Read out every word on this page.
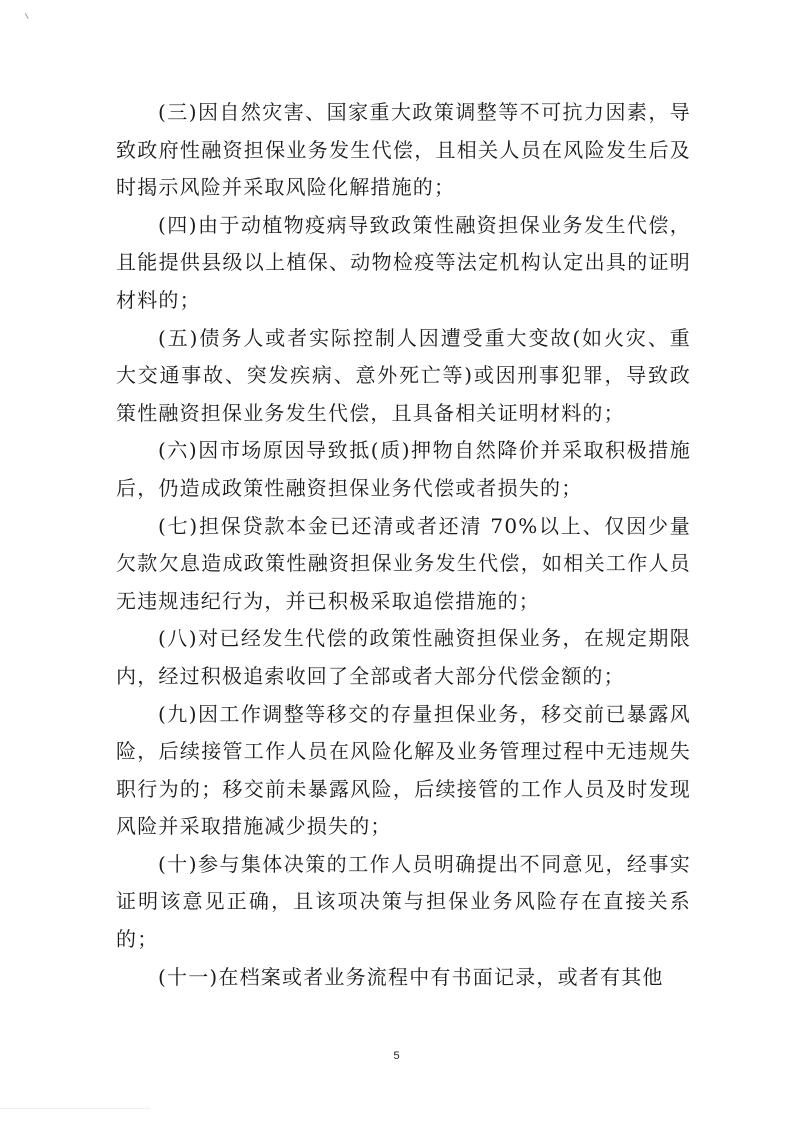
(三)因自然灾害、国家重大政策调整等不可抗力因素，导致政府性融资担保业务发生代偿，且相关人员在风险发生后及时揭示风险并采取风险化解措施的；

(四)由于动植物疫病导致政策性融资担保业务发生代偿，且能提供县级以上植保、动物检疫等法定机构认定出具的证明材料的；

(五)债务人或者实际控制人因遭受重大变故(如火灾、重大交通事故、突发疾病、意外死亡等)或因刑事犯罪，导致政策性融资担保业务发生代偿，且具备相关证明材料的；

(六)因市场原因导致抵(质)押物自然降价并采取积极措施后，仍造成政策性融资担保业务代偿或者损失的；

(七)担保贷款本金已还清或者还清 70%以上、仅因少量欠款欠息造成政策性融资担保业务发生代偿，如相关工作人员无违规违纪行为，并已积极采取追偿措施的；

(八)对已经发生代偿的政策性融资担保业务，在规定期限内，经过积极追索收回了全部或者大部分代偿金额的；

(九)因工作调整等移交的存量担保业务，移交前已暴露风险，后续接管工作人员在风险化解及业务管理过程中无违规失职行为的；移交前未暴露风险，后续接管的工作人员及时发现风险并采取措施减少损失的；

(十)参与集体决策的工作人员明确提出不同意见，经事实证明该意见正确，且该项决策与担保业务风险存在直接关系的；

(十一)在档案或者业务流程中有书面记录，或者有其他

5
